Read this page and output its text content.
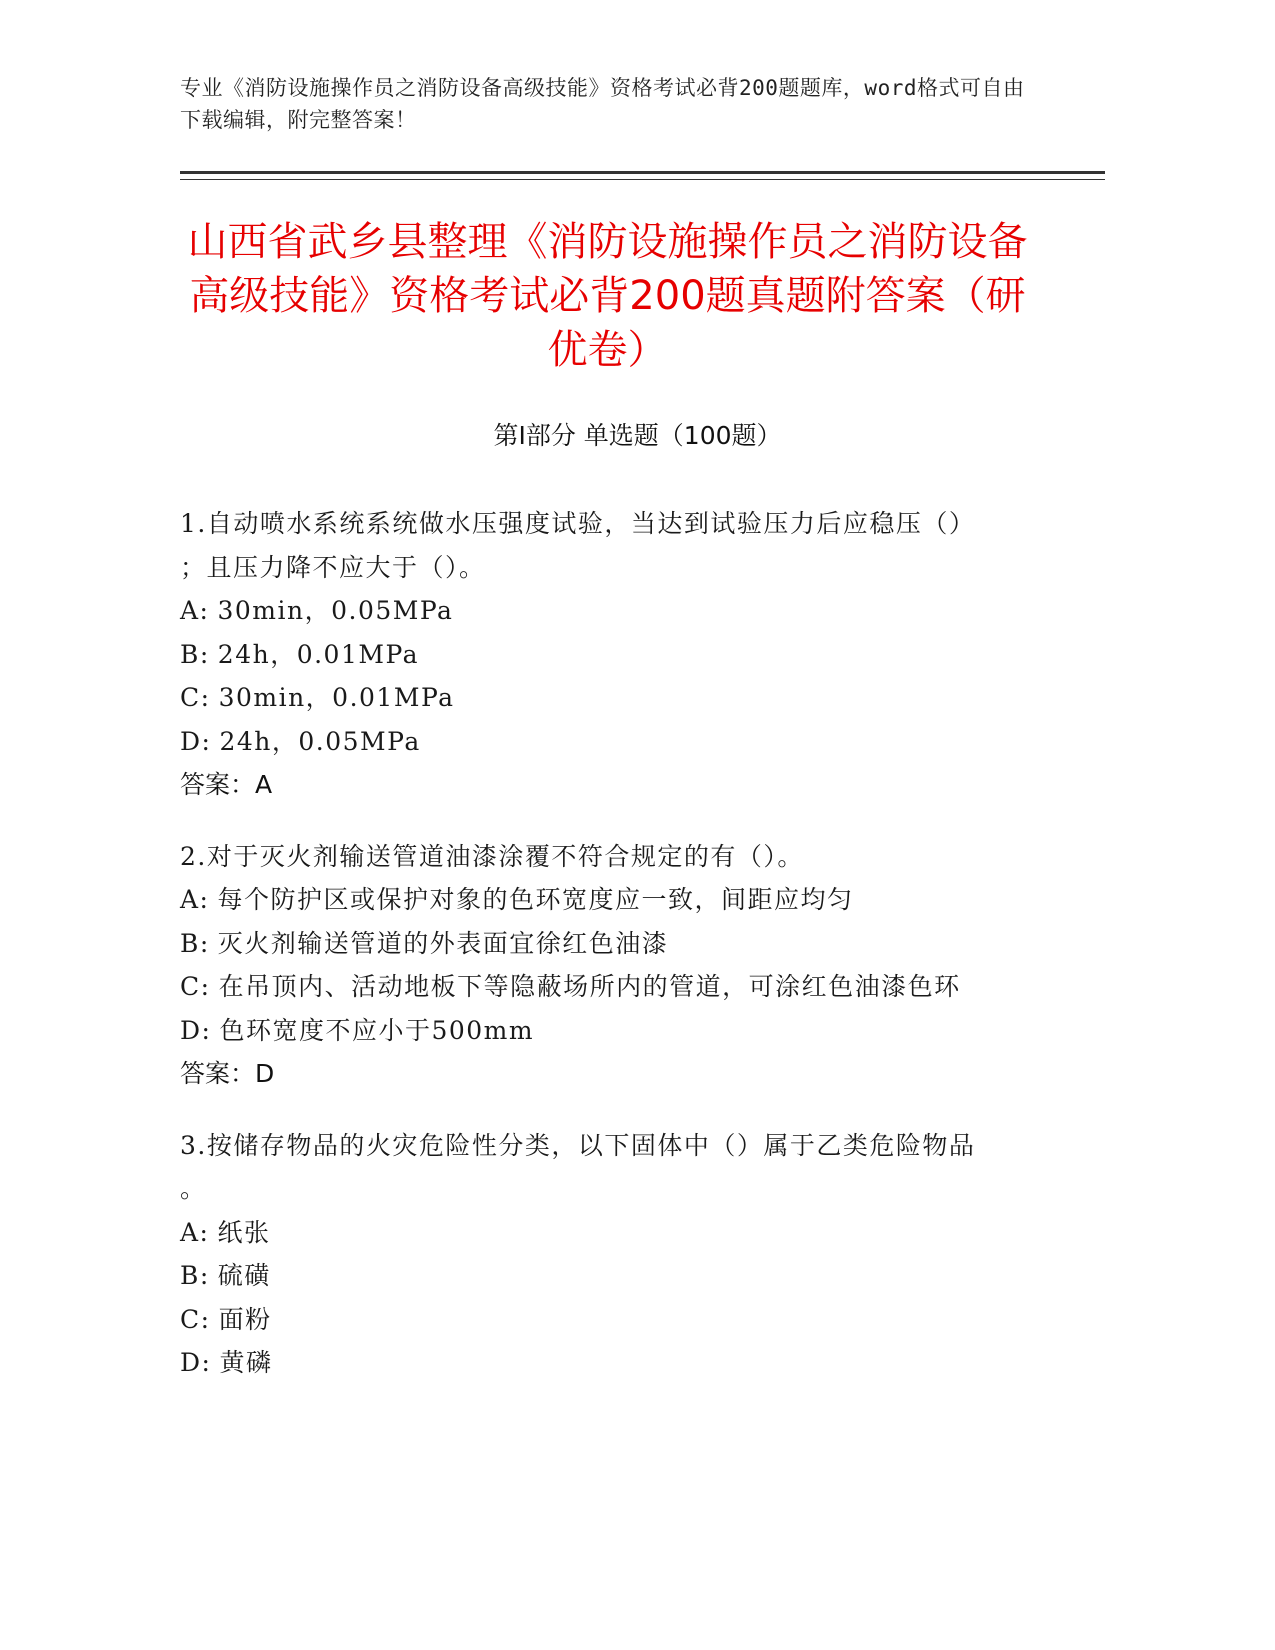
专业《消防设施操作员之消防设备高级技能》资格考试必背200题题库，word格式可自由下载编辑，附完整答案！
山西省武乡县整理《消防设施操作员之消防设备高级技能》资格考试必背200题真题附答案（研优卷）
第I部分 单选题（100题）
1.自动喷水系统系统做水压强度试验，当达到试验压力后应稳压（）
；且压力降不应大于（）。
A: 30min，0.05MPa
B: 24h，0.01MPa
C: 30min，0.01MPa
D: 24h，0.05MPa
答案：A
2.对于灭火剂输送管道油漆涂覆不符合规定的有（）。
A: 每个防护区或保护对象的色环宽度应一致，间距应均匀
B: 灭火剂输送管道的外表面宜徐红色油漆
C: 在吊顶内、活动地板下等隐蔽场所内的管道，可涂红色油漆色环
D: 色环宽度不应小于500mm
答案：D
3.按储存物品的火灾危险性分类，以下固体中（）属于乙类危险物品
。
A: 纸张
B: 硫磺
C: 面粉
D: 黄磷
